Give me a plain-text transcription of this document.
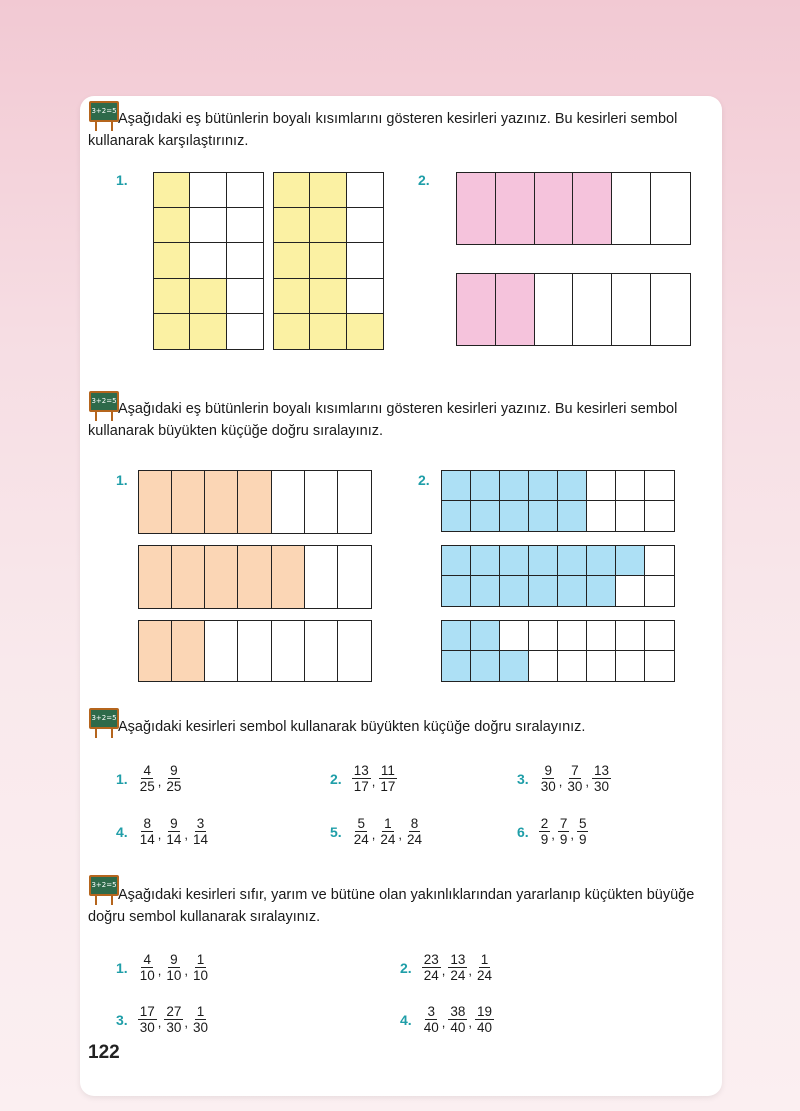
3+2=5 Aşağıdaki eş bütünlerin boyalı kısımlarını gösteren kesirleri yazınız. Bu kesirleri sembol kullanarak karşılaştırınız.
1.	2.
3+2=5 Aşağıdaki eş bütünlerin boyalı kısımlarını gösteren kesirleri yazınız. Bu kesirleri sembol kullanarak büyükten küçüğe doğru sıralayınız.
1.	2.
3+2=5
Aşağıdaki kesirleri sembol kullanarak büyükten küçüğe doğru sıralayınız.
1. $\frac{4}{25}$ , $\frac{9}{25}$	2. $\frac{13}{17}$ , $\frac{11}{17}$	3. $\frac{9}{30}$ , $\frac{7}{30}$ , $\frac{13}{30}$
4. $\frac{8}{14}$ , $\frac{9}{14}$ , $\frac{3}{14}$	5. $\frac{5}{24}$ , $\frac{1}{24}$ , $\frac{8}{24}$	6. $\frac{2}{9}$ , $\frac{7}{9}$ , $\frac{5}{9}$
3+2=5
Aşağıdaki kesirleri sıfır, yarım ve bütüne olan yakınlıklarından yararlanıp küçükten büyüğe doğru sembol kullanarak sıralayınız.
1. $\frac{4}{10}$ , $\frac{9}{10}$ , $\frac{1}{10}$	2. $\frac{23}{24}$ , $\frac{13}{24}$ , $\frac{1}{24}$
3. $\frac{17}{30}$ , $\frac{27}{30}$ , $\frac{1}{30}$	4. $\frac{3}{40}$ , $\frac{38}{40}$ , $\frac{19}{40}$
122
